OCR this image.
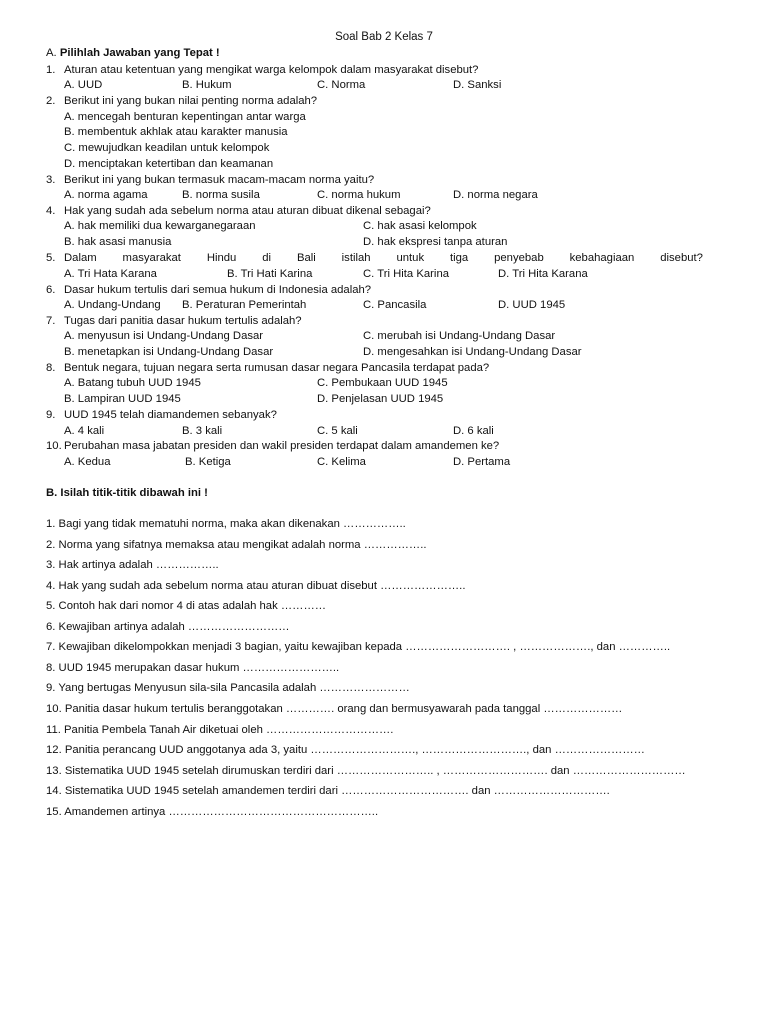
Soal Bab 2 Kelas 7
A. Pilihlah Jawaban yang Tepat !
1. Aturan atau ketentuan yang mengikat warga kelompok dalam masyarakat disebut?
A. UUD	B. Hukum	C. Norma	D. Sanksi
2. Berikut ini yang bukan nilai penting norma adalah?
A. mencegah benturan kepentingan antar warga
B. membentuk akhlak atau karakter manusia
C. mewujudkan keadilan untuk kelompok
D. menciptakan ketertiban dan keamanan
3. Berikut ini yang bukan termasuk macam-macam norma yaitu?
A. norma agama	B. norma susila	C. norma hukum	D. norma negara
4. Hak yang sudah ada sebelum norma atau aturan dibuat dikenal sebagai?
A. hak memiliki dua kewarganegaraan	C. hak asasi kelompok
B. hak asasi manusia	D. hak ekspresi tanpa aturan
5. Dalam masyarakat Hindu di Bali istilah untuk tiga penyebab kebahagiaan disebut?
A. Tri Hata Karana	B. Tri Hati Karina	C. Tri Hita Karina	D. Tri Hita Karana
6. Dasar hukum tertulis dari semua hukum di Indonesia adalah?
A. Undang-Undang B. Peraturan Pemerintah	C. Pancasila	D. UUD 1945
7. Tugas dari panitia dasar hukum tertulis adalah?
A. menyusun isi Undang-Undang Dasar	C. merubah isi Undang-Undang Dasar
B. menetapkan isi Undang-Undang Dasar	D. mengesahkan isi Undang-Undang Dasar
8. Bentuk negara, tujuan negara serta rumusan dasar negara Pancasila terdapat pada?
A. Batang tubuh UUD 1945	C. Pembukaan UUD 1945
B. Lampiran UUD 1945	D. Penjelasan UUD 1945
9. UUD 1945 telah diamandemen sebanyak?
A. 4 kali	B. 3 kali	C. 5 kali	D. 6 kali
10. Perubahan masa jabatan presiden dan wakil presiden terdapat dalam amandemen ke?
A. Kedua	B. Ketiga	C. Kelima	D. Pertama
B. Isilah titik-titik dibawah ini !
1. Bagi yang tidak mematuhi norma, maka akan dikenakan ……………..
2. Norma yang sifatnya memaksa atau mengikat adalah norma ……………..
3. Hak artinya adalah ……………..
4. Hak yang sudah ada sebelum norma atau aturan dibuat disebut …………………..
5. Contoh hak dari nomor 4 di atas adalah hak …………
6. Kewajiban artinya adalah ………………………
7. Kewajiban dikelompokkan menjadi 3 bagian, yaitu kewajiban kepada ………………………. , ………………., dan …………..
8. UUD 1945 merupakan dasar hukum ……………………..
9. Yang bertugas Menyusun sila-sila Pancasila adalah ……………………
10. Panitia dasar hukum tertulis beranggotakan …………. orang dan bermusyawarah pada tanggal …………………
11. Panitia Pembela Tanah Air diketuai oleh …………………………….
12. Panitia perancang UUD anggotanya ada 3, yaitu ………………………., ………………………., dan ……………………
13. Sistematika UUD 1945 setelah dirumuskan terdiri dari …………………….. , ………………………. dan …………………………
14. Sistematika UUD 1945 setelah amandemen terdiri dari ……………………………. dan ………………………….
15. Amandemen artinya ………………………………………………..
